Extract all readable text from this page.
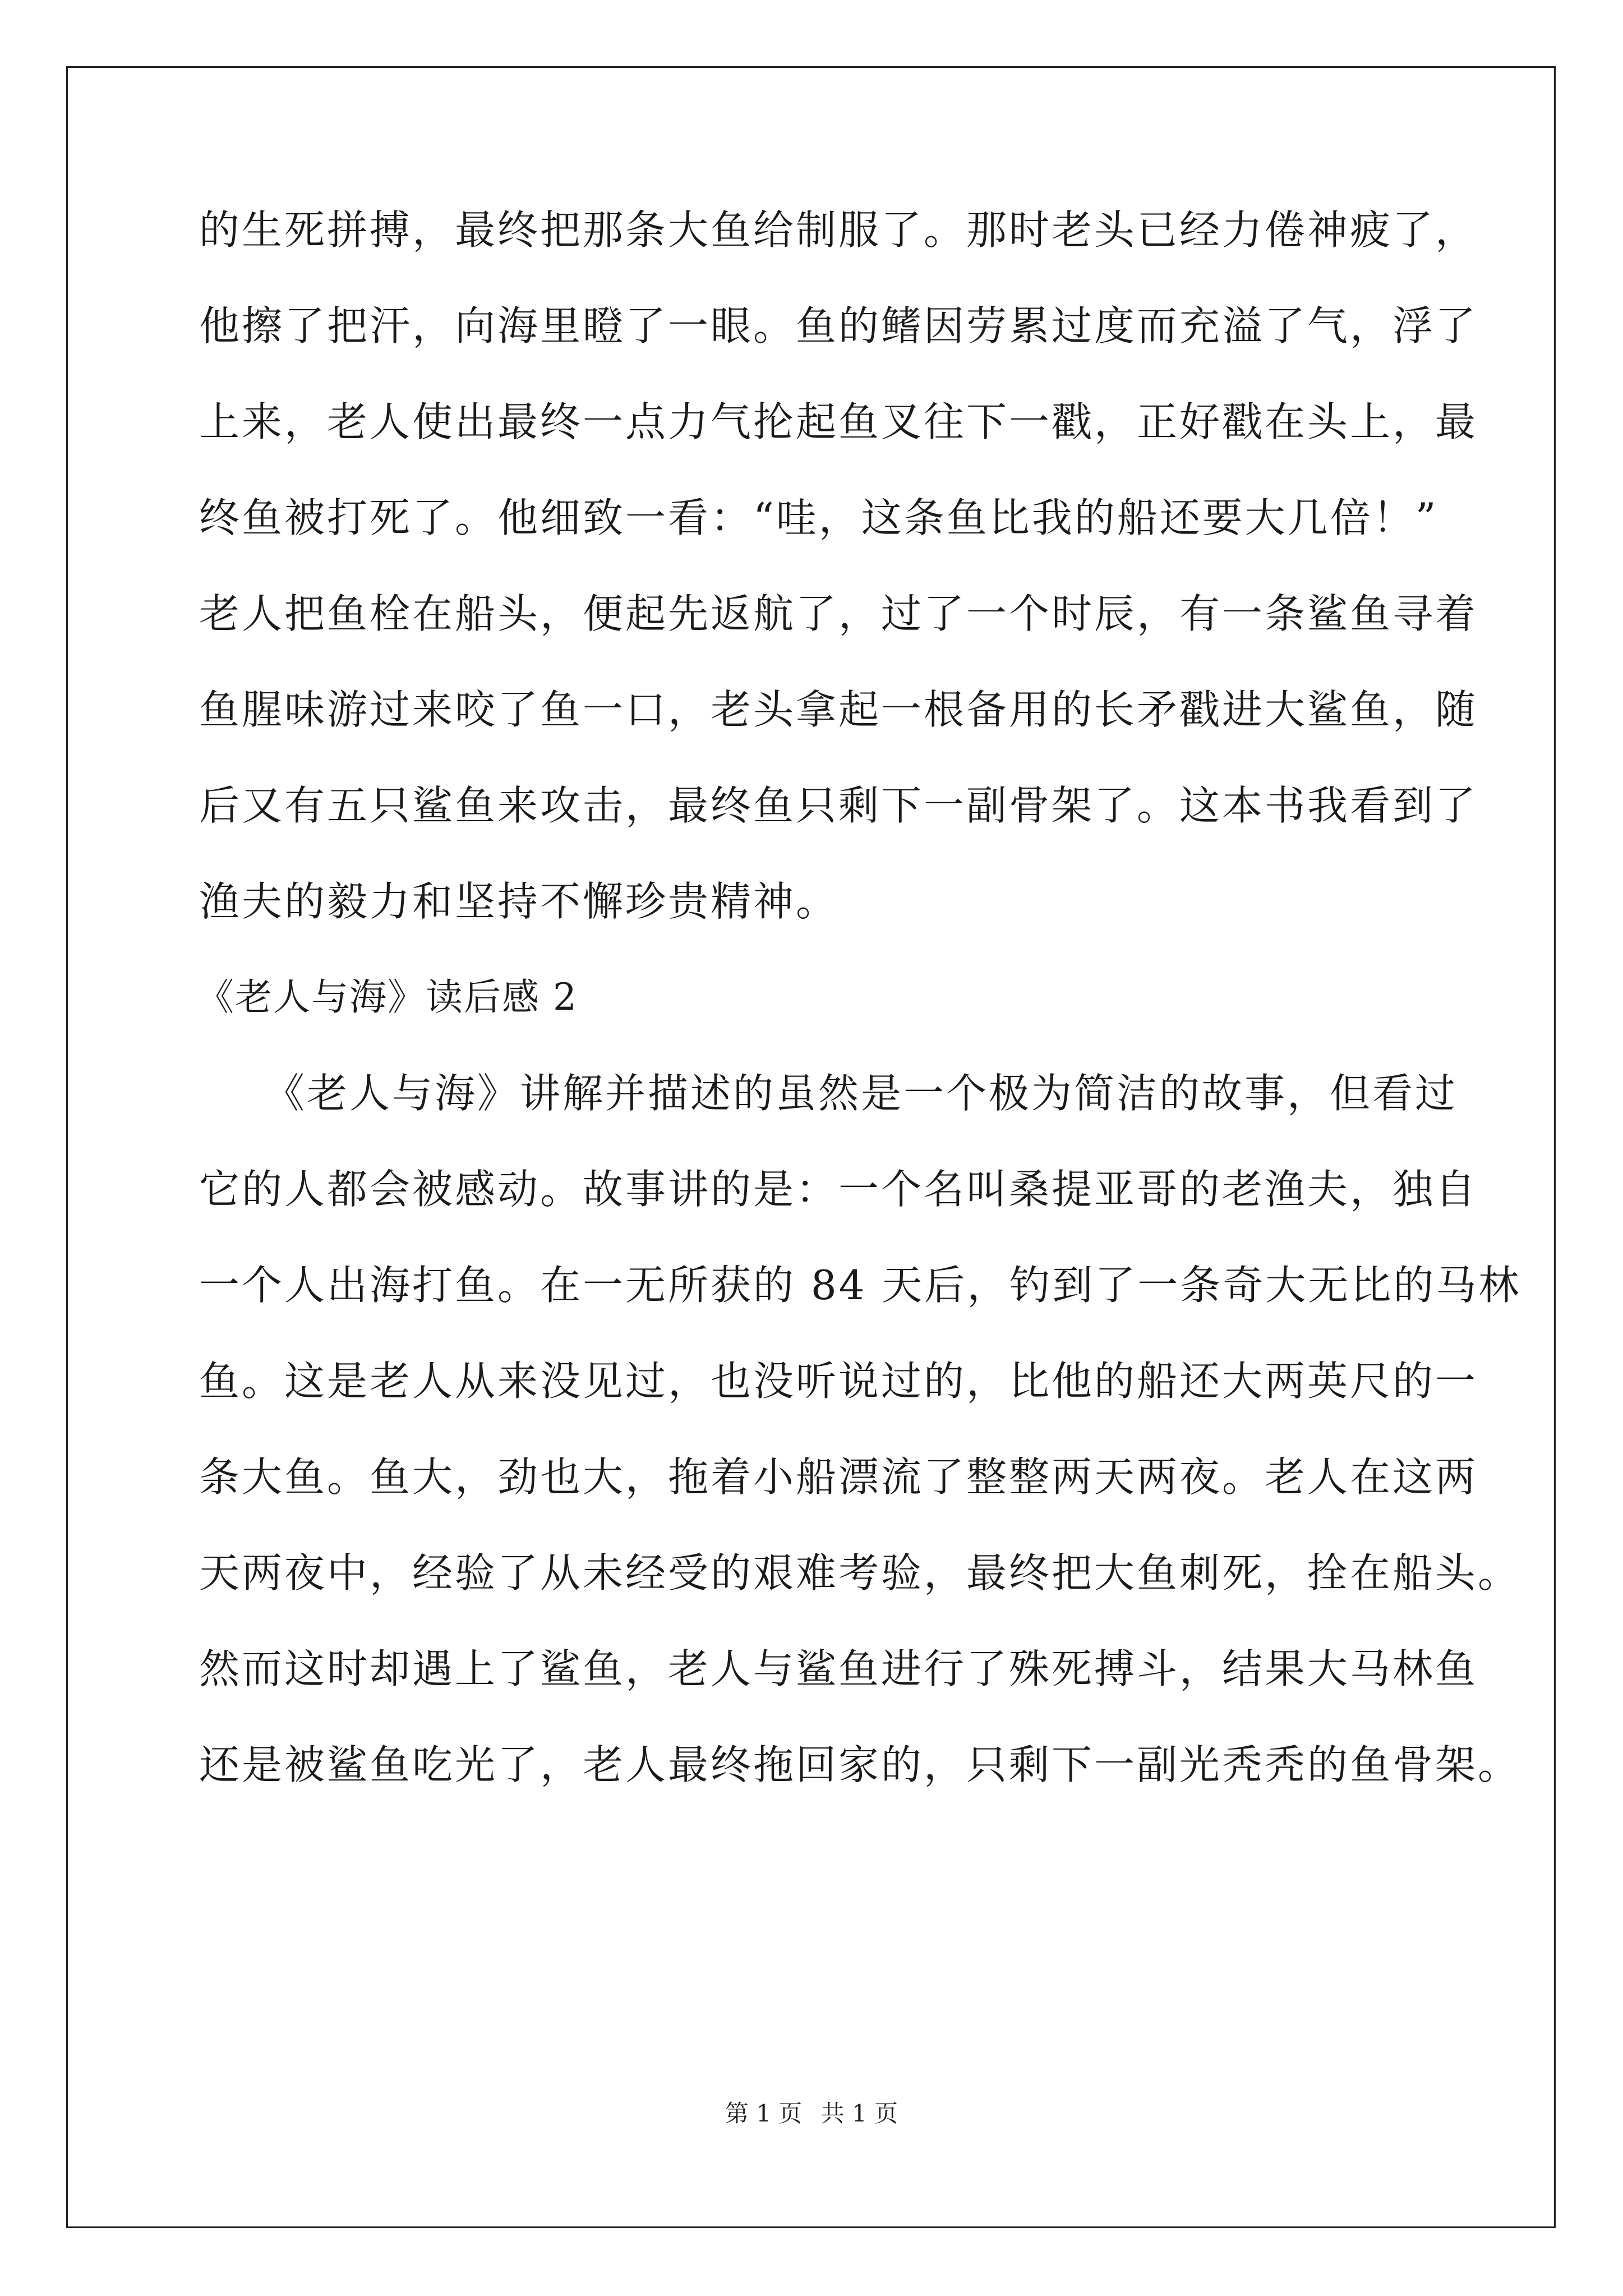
的生死拼搏，最终把那条大鱼给制服了。那时老头已经力倦神疲了，
他擦了把汗，向海里瞪了一眼。鱼的鳍因劳累过度而充溢了气，浮了
上来，老人使出最终一点力气抡起鱼叉往下一戳，正好戳在头上，最
终鱼被打死了。他细致一看：“哇，这条鱼比我的船还要大几倍！”
老人把鱼栓在船头，便起先返航了，过了一个时辰，有一条鲨鱼寻着
鱼腥味游过来咬了鱼一口，老头拿起一根备用的长矛戳进大鲨鱼，随
后又有五只鲨鱼来攻击，最终鱼只剩下一副骨架了。这本书我看到了
渔夫的毅力和坚持不懈珍贵精神。
《老人与海》读后感 2
　　《老人与海》讲解并描述的虽然是一个极为简洁的故事，但看过
它的人都会被感动。故事讲的是：一个名叫桑提亚哥的老渔夫，独自
一个人出海打鱼。在一无所获的 84 天后，钓到了一条奇大无比的马林
鱼。这是老人从来没见过，也没听说过的，比他的船还大两英尺的一
条大鱼。鱼大，劲也大，拖着小船漂流了整整两天两夜。老人在这两
天两夜中，经验了从未经受的艰难考验，最终把大鱼刺死，拴在船头。
然而这时却遇上了鲨鱼，老人与鲨鱼进行了殊死搏斗，结果大马林鱼
还是被鲨鱼吃光了，老人最终拖回家的，只剩下一副光秃秃的鱼骨架。
第 1 页 共 1 页
